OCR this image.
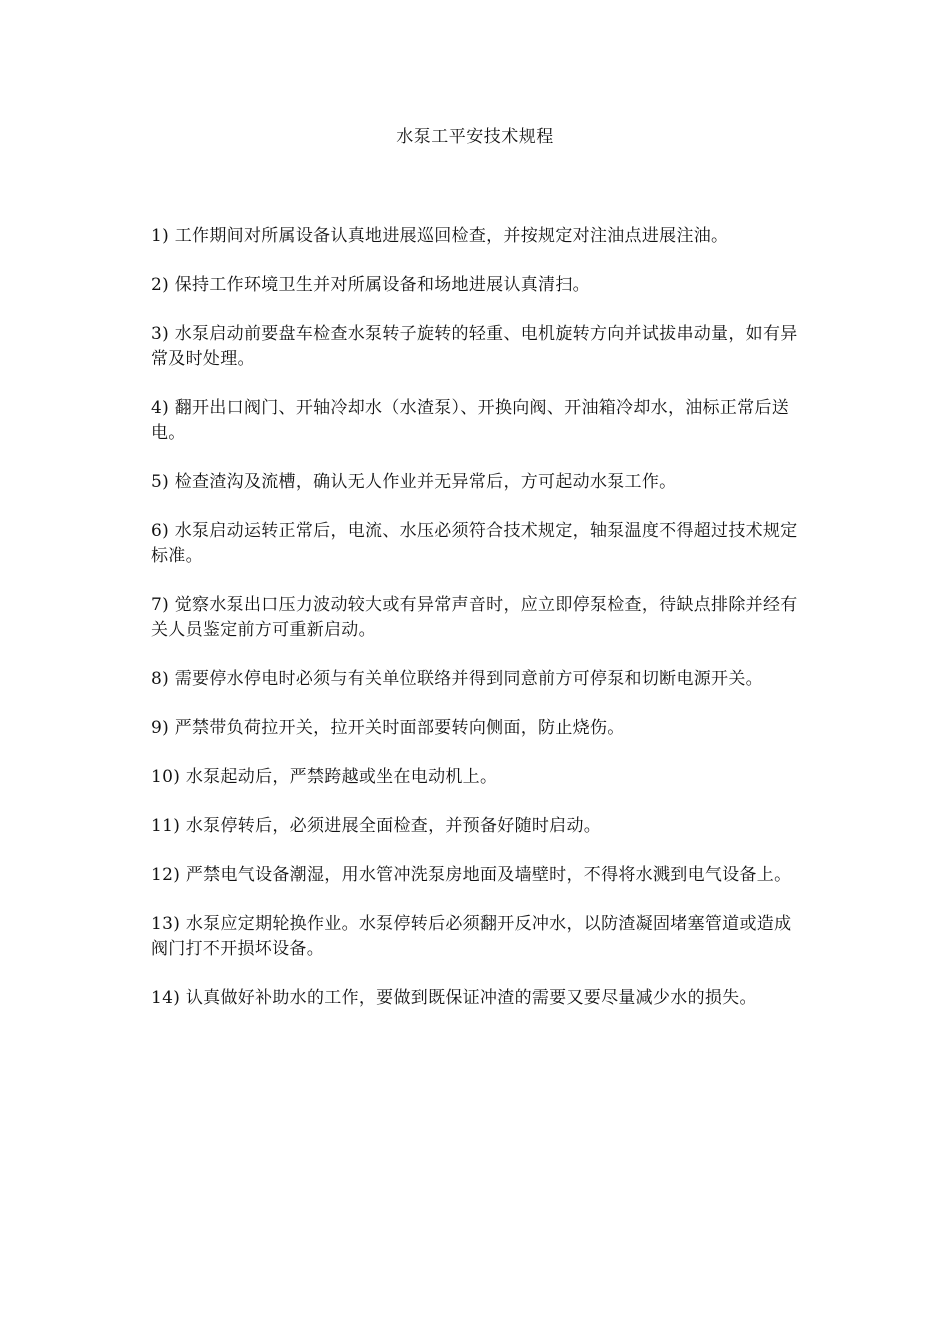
水泵工平安技术规程
1) 工作期间对所属设备认真地进展巡回检查，并按规定对注油点进展注油。
2) 保持工作环境卫生并对所属设备和场地进展认真清扫。
3) 水泵启动前要盘车检查水泵转子旋转的轻重、电机旋转方向并试拔串动量，如有异常及时处理。
4) 翻开出口阀门、开轴冷却水（水渣泵）、开换向阀、开油箱冷却水，油标正常后送电。
5) 检查渣沟及流槽，确认无人作业并无异常后，方可起动水泵工作。
6) 水泵启动运转正常后，电流、水压必须符合技术规定，轴泵温度不得超过技术规定标准。
7) 觉察水泵出口压力波动较大或有异常声音时，应立即停泵检查，待缺点排除并经有关人员鉴定前方可重新启动。
8) 需要停水停电时必须与有关单位联络并得到同意前方可停泵和切断电源开关。
9) 严禁带负荷拉开关，拉开关时面部要转向侧面，防止烧伤。
10) 水泵起动后，严禁跨越或坐在电动机上。
11) 水泵停转后，必须进展全面检查，并预备好随时启动。
12) 严禁电气设备潮湿，用水管冲洗泵房地面及墙壁时，不得将水溅到电气设备上。
13) 水泵应定期轮换作业。水泵停转后必须翻开反冲水，以防渣凝固堵塞管道或造成阀门打不开损坏设备。
14) 认真做好补助水的工作，要做到既保证冲渣的需要又要尽量减少水的损失。
